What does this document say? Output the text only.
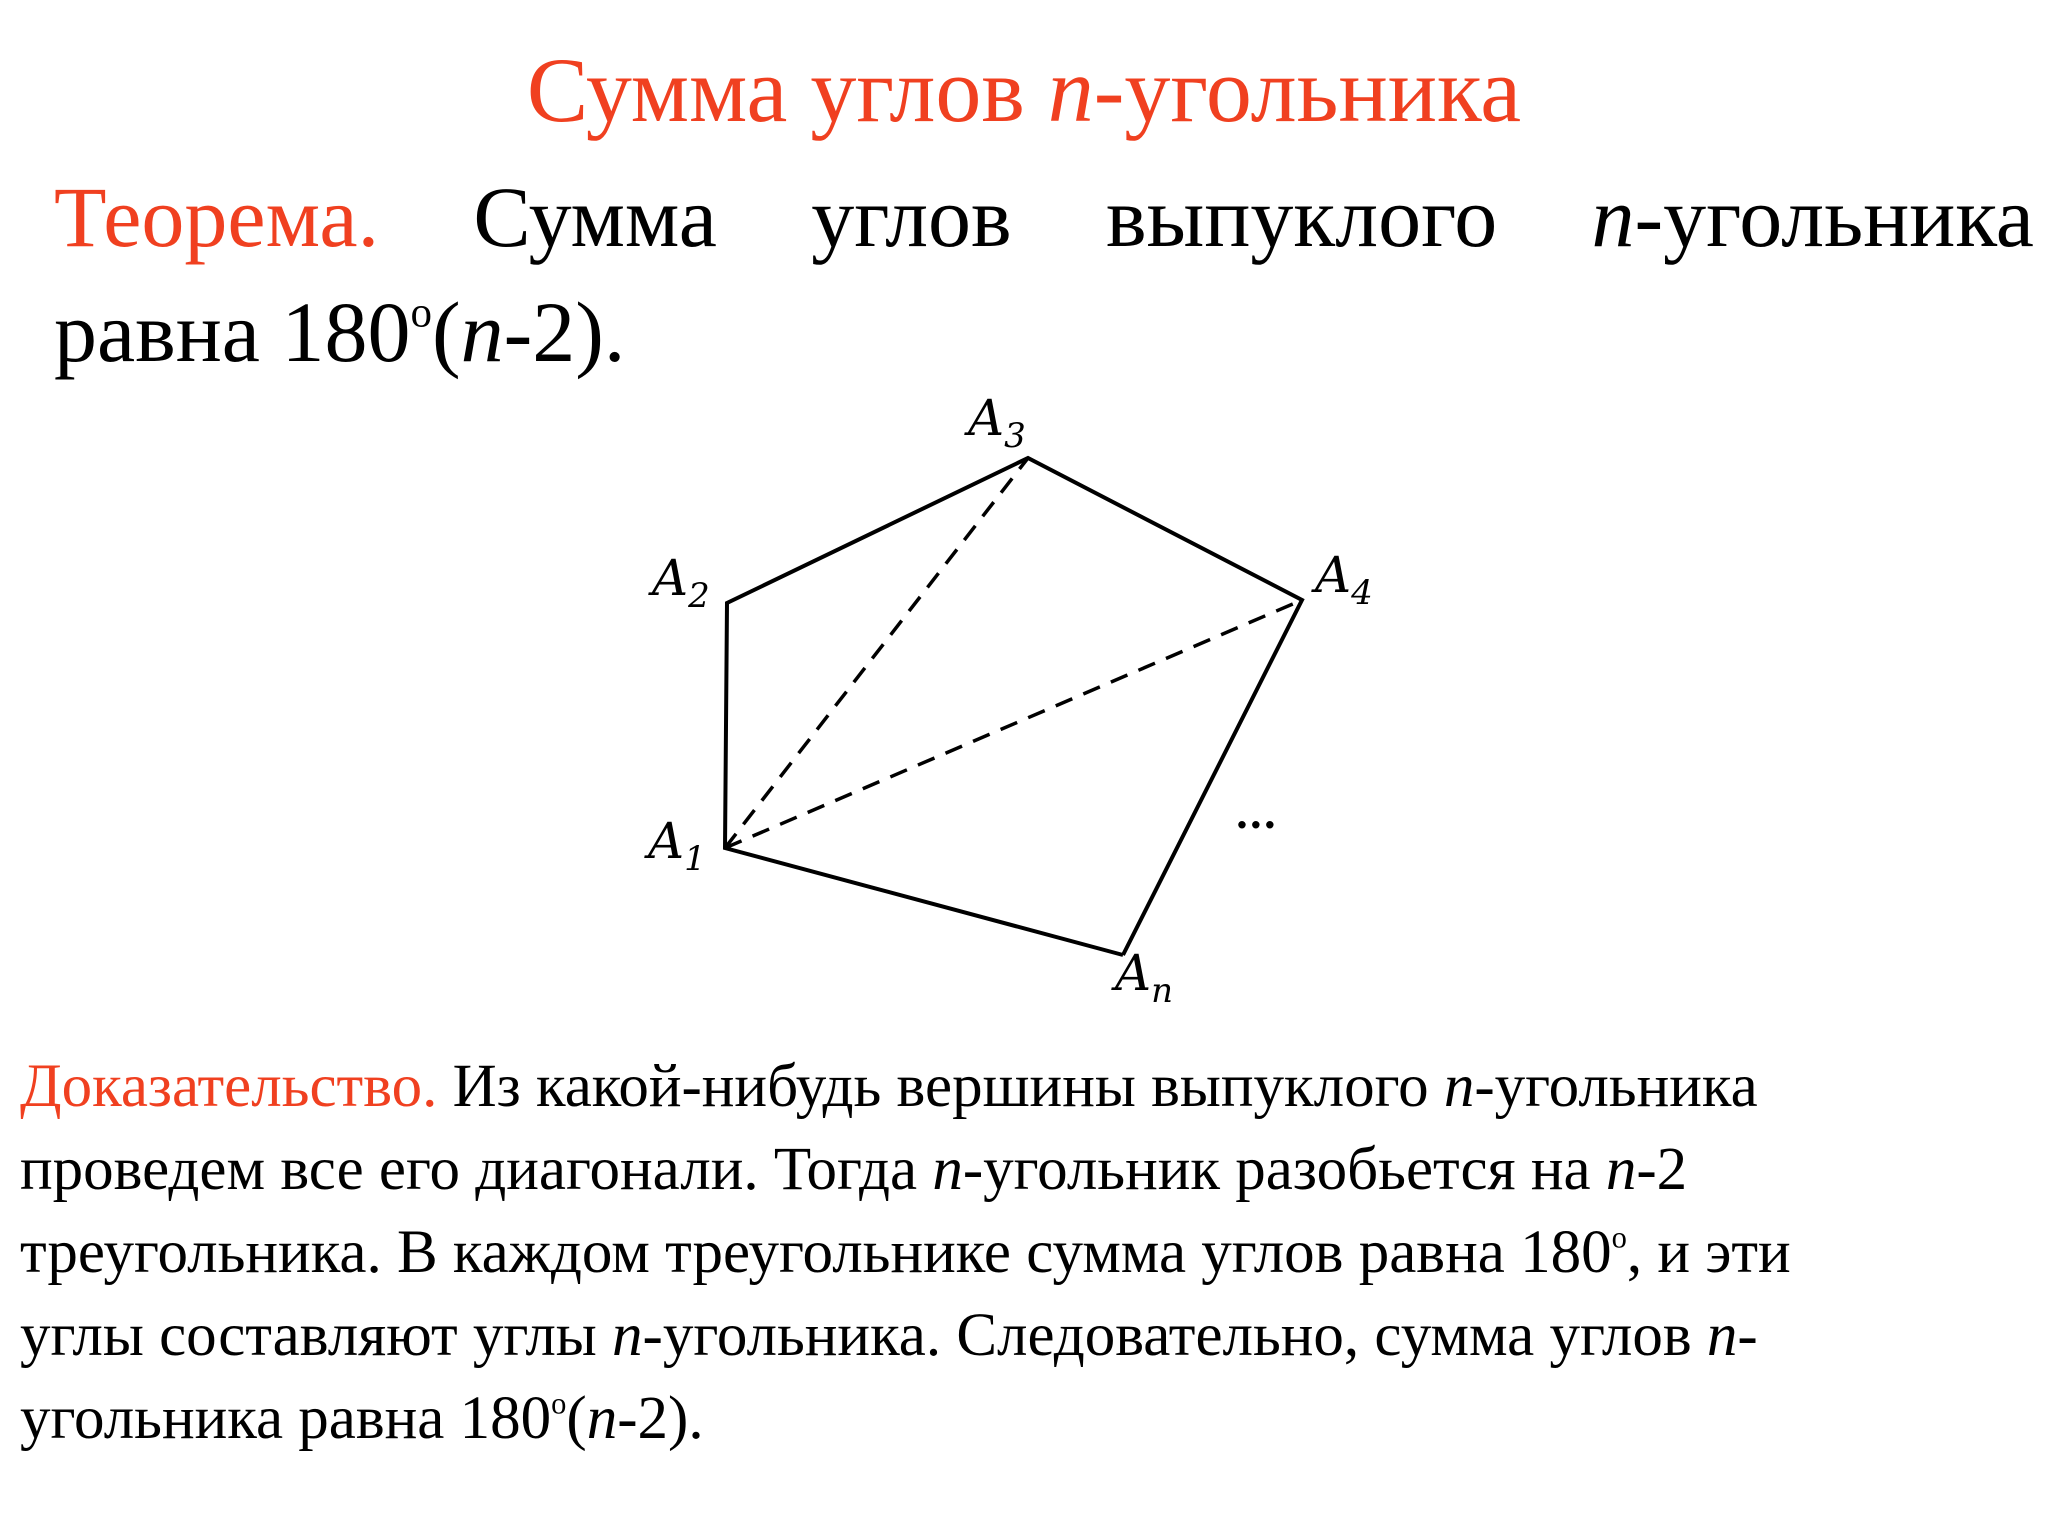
Сумма углов n-угольника
Теорема. Сумма углов выпуклого n-угольника
равна $180^о(n-2)$.
$A_1$
$A_2$
$A_3$
$A_4$
$A_n$
...
Доказательство. Из какой-нибудь вершины выпуклого n-угольника
проведем все его диагонали. Тогда n-угольник разобьется на n-2
треугольника. В каждом треугольнике сумма углов равна $180^о$, и эти
углы составляют углы n-угольника. Следовательно, сумма углов n-
угольника равна $180^о(n-2)$.
